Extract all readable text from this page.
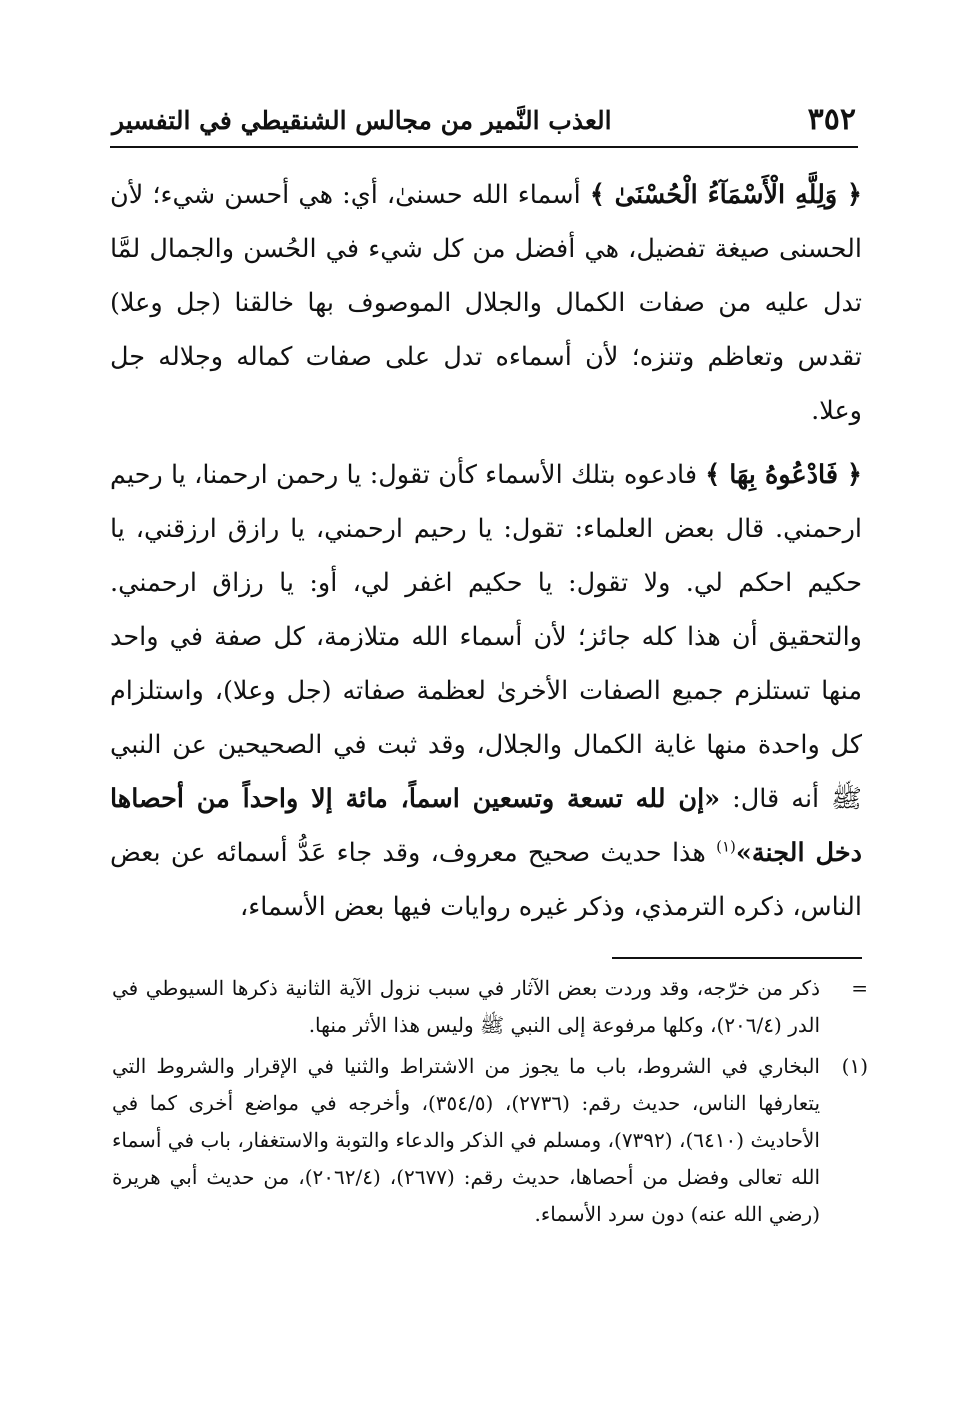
٣٥٢
العذب النَّمير من مجالس الشنقيطي في التفسير

﴿ وَلِلَّهِ الْأَسْمَآءُ الْحُسْنَىٰ ﴾ أسماء الله حسنىٰ، أي: هي أحسن شيء؛ لأن الحسنى صيغة تفضيل، هي أفضل من كل شيء في الحُسن والجمال لمَّا تدل عليه من صفات الكمال والجلال الموصوف بها خالقنا (جل وعلا) تقدس وتعاظم وتنزه؛ لأن أسماءه تدل على صفات كماله وجلاله جل وعلا.

﴿ فَادْعُوهُ بِهَا ﴾ فادعوه بتلك الأسماء كأن تقول: يا رحمن ارحمنا، يا رحيم ارحمني. قال بعض العلماء: تقول: يا رحيم ارحمني، يا رازق ارزقني، يا حكيم احكم لي. ولا تقول: يا حكيم اغفر لي، أو: يا رزاق ارحمني. والتحقيق أن هذا كله جائز؛ لأن أسماء الله متلازمة، كل صفة في واحد منها تستلزم جميع الصفات الأخرىٰ لعظمة صفاته (جل وعلا)، واستلزام كل واحدة منها غاية الكمال والجلال، وقد ثبت في الصحيحين عن النبي ﷺ أنه قال: «إن لله تسعة وتسعين اسماً، مائة إلا واحداً من أحصاها دخل الجنة»$^{(١)}$ هذا حديث صحيح معروف، وقد جاء عَدُّ أسمائه عن بعض الناس، ذكره الترمذي، وذكر غيره روايات فيها بعض الأسماء،

=
ذكر من خرّجه، وقد وردت بعض الآثار في سبب نزول الآية الثانية ذكرها السيوطي في الدر (٢٠٦/٤)، وكلها مرفوعة إلى النبي ﷺ وليس هذا الأثر منها.

(١)
البخاري في الشروط، باب ما يجوز من الاشتراط والثنيا في الإقرار والشروط التي يتعارفها الناس، حديث رقم: (٢٧٣٦)، (٣٥٤/٥)، وأخرجه في مواضع أخرى كما في الأحاديث (٦٤١٠)، (٧٣٩٢)، ومسلم في الذكر والدعاء والتوبة والاستغفار، باب في أسماء الله تعالى وفضل من أحصاها، حديث رقم: (٢٦٧٧)، (٢٠٦٢/٤)، من حديث أبي هريرة (رضي الله عنه) دون سرد الأسماء.
